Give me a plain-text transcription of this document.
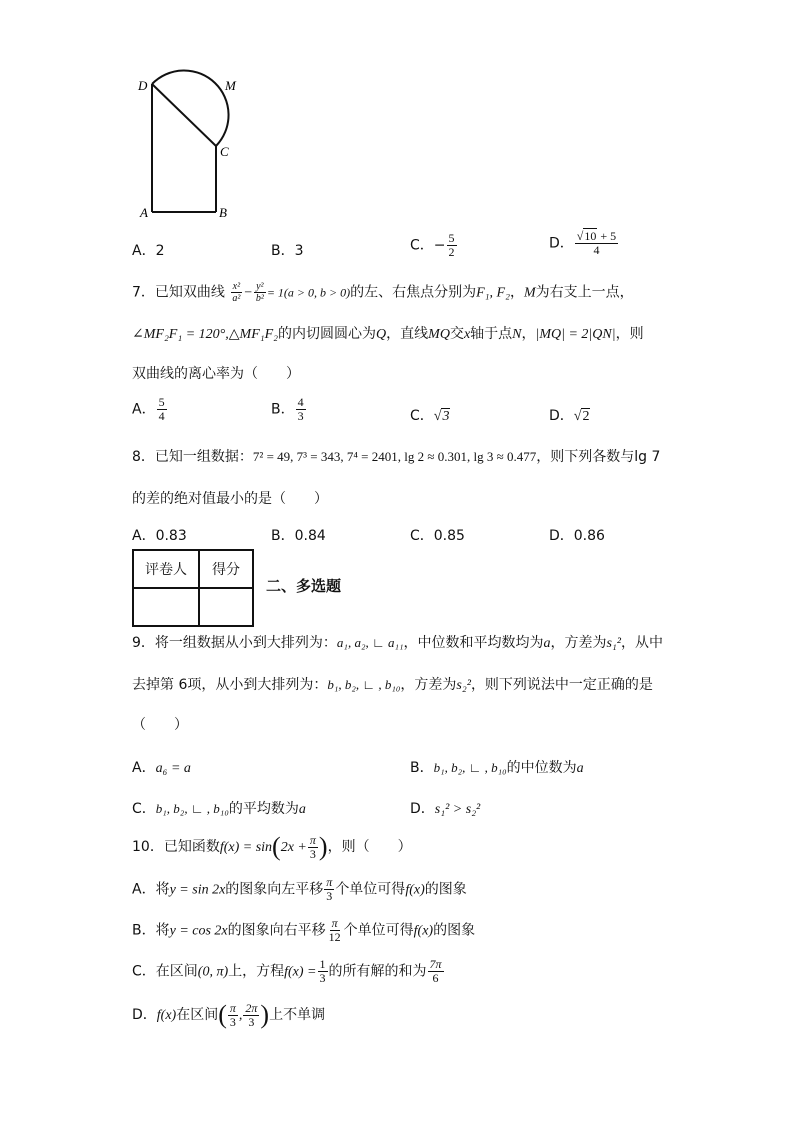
D	M
C
A	B
A．2	B．3	C．− $\frac{5}{2}$	D． $\frac{√10 + 5}{4}$
7．已知双曲线 $\frac{\text{x²}}{\text{a²}} - \frac{\text{y²}}{\text{b²}} = 1(a > 0$, b > 0)的左、右焦点分别为F₁, F₂，M为右支上一点，
∠MF₂F₁ = 120°,△MF₁F₂的内切圆圆心为Q，直线MQ交x轴于点N，|MQ| = 2|QN|，则
双曲线的离心率为（　　）
A． $\frac{5}{4}$	B． $\frac{4}{3}$	C．√3	D．√2
8．已知一组数据：7² = 49, 7³ = 343, 7⁴ = 2401, lg 2 ≈ 0.301, lg 3 ≈ 0.477，则下列各数与lg 7
的差的绝对值最小的是（　　）
A．0.83	B．0.84	C．0.85	D．0.86
评卷人	得分

二、多选题
9．将一组数据从小到大排列为：a₁, a₂, ∟ a₁₁，中位数和平均数均为a，方差为s₁²，从中
去掉第 6项，从小到大排列为：b₁, b₂, ∟ , b₁₀，方差为s₂²，则下列说法中一定正确的是
（　　）
A．a₆ = a	B．b₁, b₂, ∟ , b₁₀的中位数为a
C．b₁, b₂, ∟ , b₁₀的平均数为a	D．s₁² > s₂²
10．已知函数$f(x) = \sin(2x + \frac{\pi}{3}$ )，则（　　）
A．将y = sin 2x的图象向左平移 $\frac{\pi}{3}$ 个单位可得f(x)的图象
B．将y = cos 2x的图象向右平移 $\frac{\pi}{12}$ 个单位可得f(x)的图象
C．在区间(0, π)上，方程$f(x) = \frac{1}{3}$ 的所有解的和为 $\frac{7\pi}{6}$
D．f(x)在区间( $\frac{\pi}{3}$ , $\frac{2\pi}{3}$ )上不单调
